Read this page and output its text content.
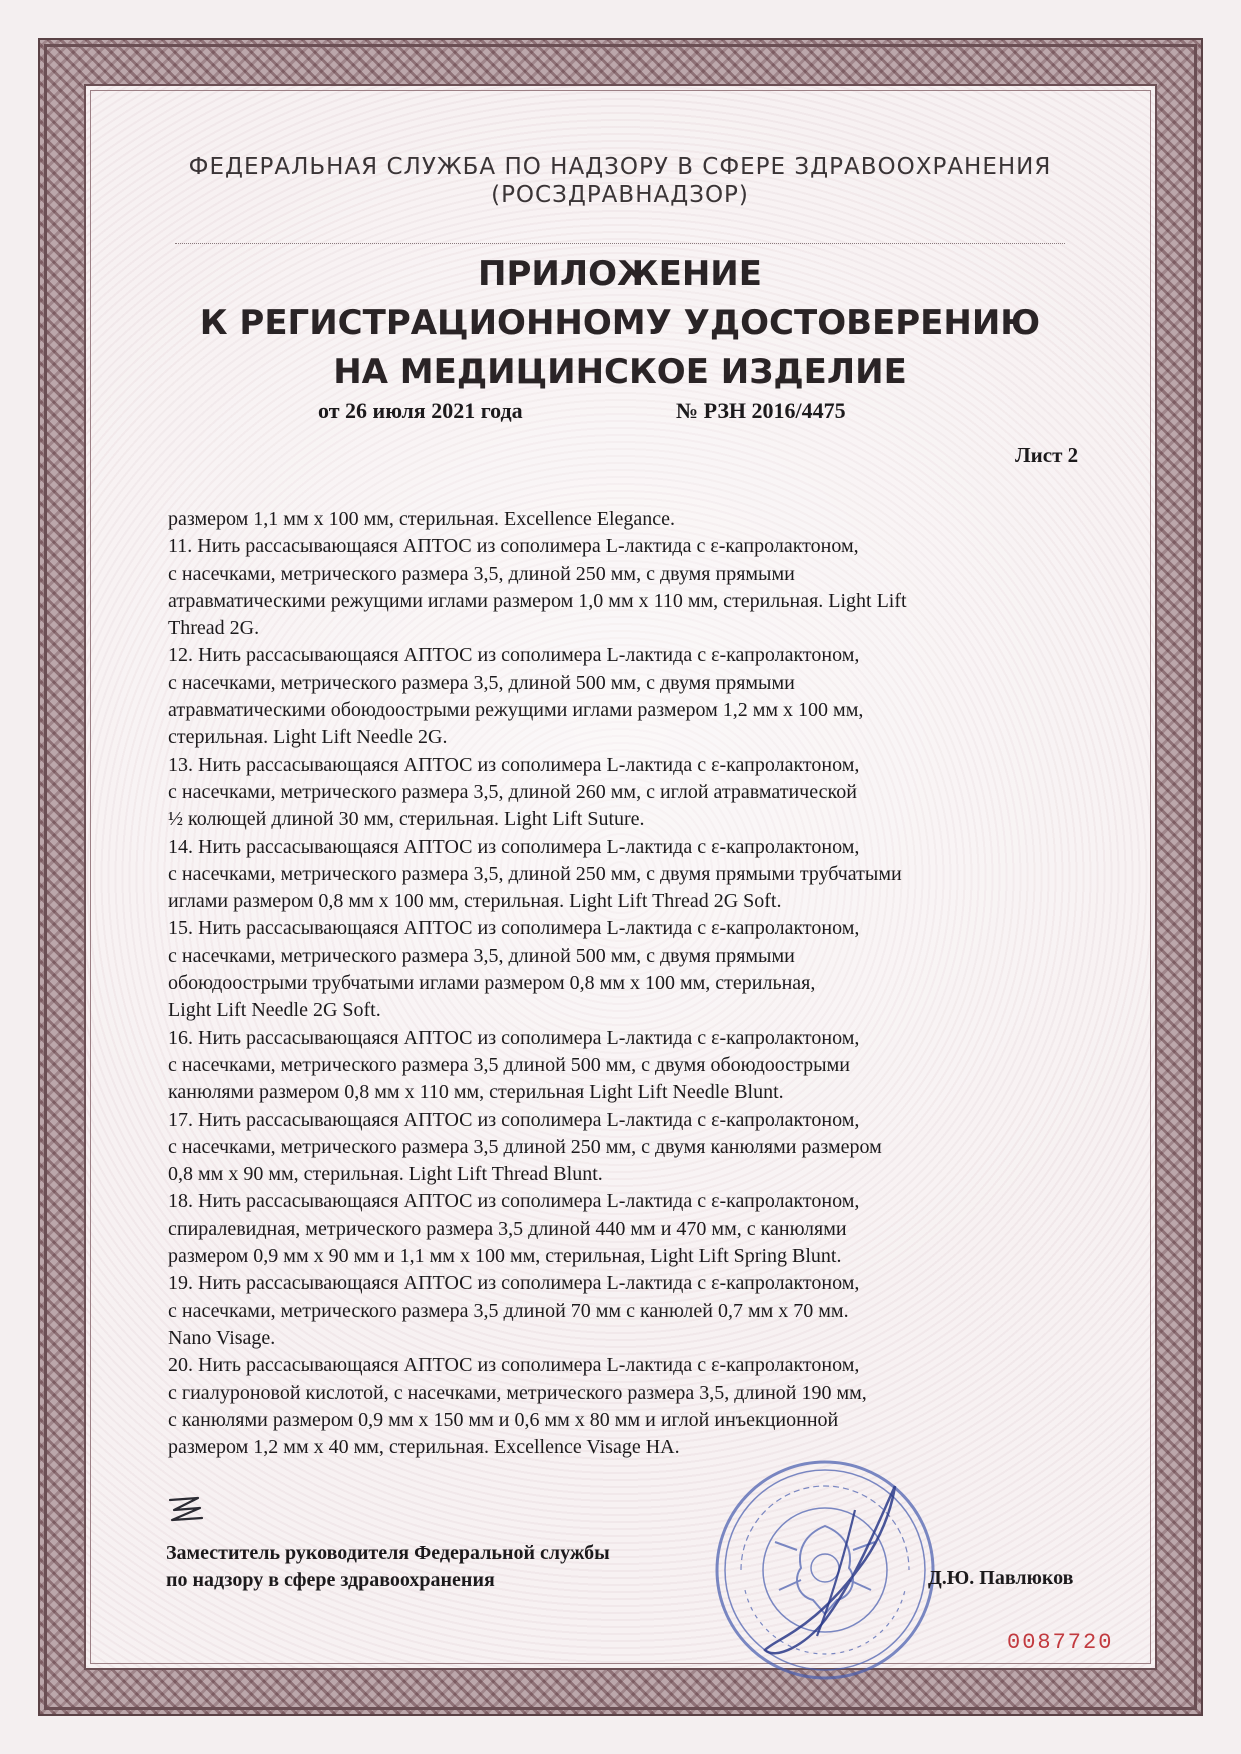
ФЕДЕРАЛЬНАЯ СЛУЖБА ПО НАДЗОРУ В СФЕРЕ ЗДРАВООХРАНЕНИЯ
(РОСЗДРАВНАДЗОР)
ПРИЛОЖЕНИЕ
К РЕГИСТРАЦИОННОМУ УДОСТОВЕРЕНИЮ
НА МЕДИЦИНСКОЕ ИЗДЕЛИЕ
от 26 июля 2021 года	№ РЗН 2016/4475
Лист 2

размером 1,1 мм х 100 мм, стерильная. Excellence Elegance.

11. Нить рассасывающаяся АПТОС из сополимера L-лактида с ε-капролактоном,

с насечками, метрического размера 3,5, длиной 250 мм, с двумя прямыми

атравматическими режущими иглами размером 1,0 мм х 110 мм, стерильная. Light Lift

Thread 2G.

12. Нить рассасывающаяся АПТОС из сополимера L-лактида с ε-капролактоном,

с насечками, метрического размера 3,5, длиной 500 мм, с двумя прямыми

атравматическими обоюдоострыми режущими иглами размером 1,2 мм х 100 мм,

стерильная. Light Lift Needle 2G.

13. Нить рассасывающаяся АПТОС из сополимера L-лактида с ε-капролактоном,

с насечками, метрического размера 3,5, длиной 260 мм, с иглой атравматической

½ колющей длиной 30 мм, стерильная. Light Lift Suture.

14. Нить рассасывающаяся АПТОС из сополимера L-лактида с ε-капролактоном,

с насечками, метрического размера 3,5, длиной 250 мм, с двумя прямыми трубчатыми

иглами размером 0,8 мм х 100 мм, стерильная. Light Lift Thread 2G Soft.

15. Нить рассасывающаяся АПТОС из сополимера L-лактида с ε-капролактоном,

с насечками, метрического размера 3,5, длиной 500 мм, с двумя прямыми

обоюдоострыми трубчатыми иглами размером 0,8 мм х 100 мм, стерильная,

Light Lift Needle 2G Soft.

16. Нить рассасывающаяся АПТОС из сополимера L-лактида с ε-капролактоном,

с насечками, метрического размера 3,5 длиной 500 мм, с двумя обоюдоострыми

канюлями размером 0,8 мм х 110 мм, стерильная Light Lift Needle Blunt.

17. Нить рассасывающаяся АПТОС из сополимера L-лактида с ε-капролактоном,

с насечками, метрического размера 3,5 длиной 250 мм, с двумя канюлями размером

0,8 мм х 90 мм, стерильная. Light Lift Thread Blunt.

18. Нить рассасывающаяся АПТОС из сополимера L-лактида с ε-капролактоном,

спиралевидная, метрического размера 3,5 длиной 440 мм и 470 мм, с канюлями

размером 0,9 мм х 90 мм и 1,1 мм х 100 мм, стерильная, Light Lift Spring Blunt.

19. Нить рассасывающаяся АПТОС из сополимера L-лактида с ε-капролактоном,

с насечками, метрического размера 3,5 длиной 70 мм с канюлей 0,7 мм х 70 мм.

Nano Visage.

20. Нить рассасывающаяся АПТОС из сополимера L-лактида с ε-капролактоном,

с гиалуроновой кислотой, с насечками, метрического размера 3,5, длиной 190 мм,

с канюлями размером 0,9 мм х 150 мм и 0,6 мм х 80 мм и иглой инъекционной

размером 1,2 мм х 40 мм, стерильная. Excellence Visage HA.

Заместитель руководителя Федеральной службы
по надзору в сфере здравоохранения	Д.Ю. Павлюков
0087720
